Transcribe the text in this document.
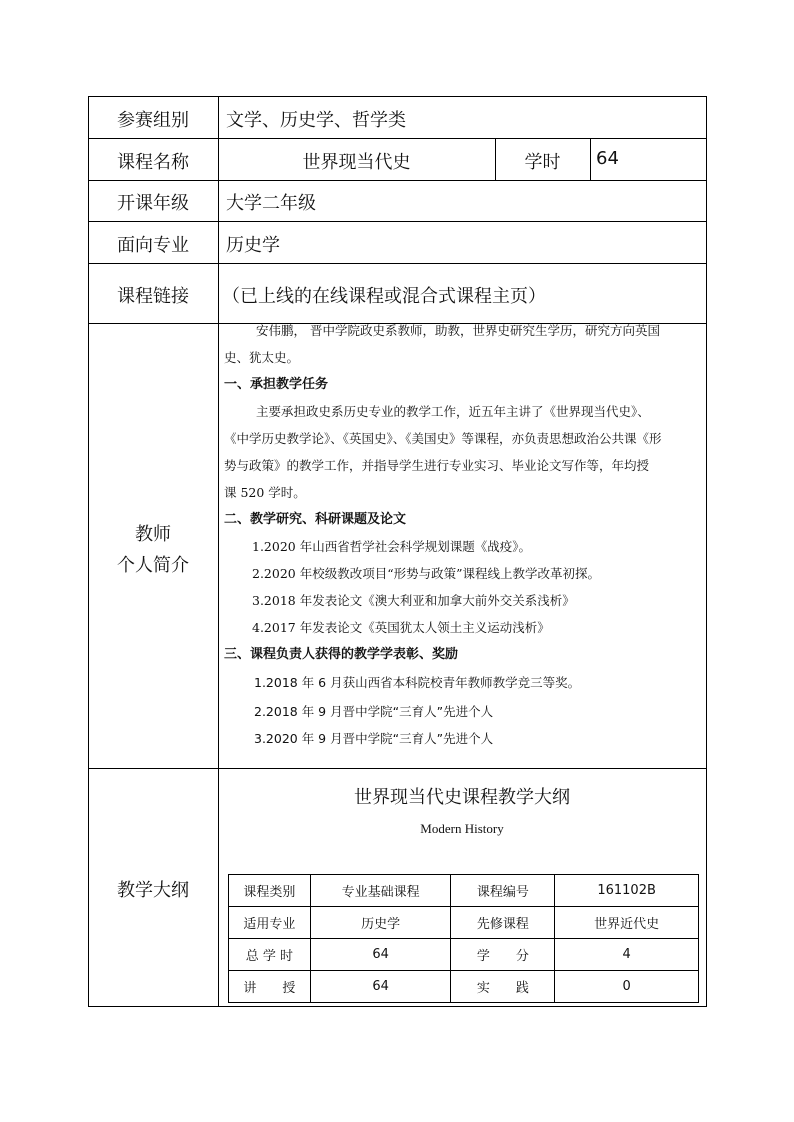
参赛组别	文学、历史学、哲学类
课程名称	世界现当代史	学时	64
开课年级	大学二年级
面向专业	历史学
课程链接	（已上线的在线课程或混合式课程主页）
教师
个人简介

安伟鹏， 晋中学院政史系教师，助教，世界史研究生学历，研究方向英国

史、犹太史。

一、承担教学任务

主要承担政史系历史专业的教学工作，近五年主讲了《世界现当代史》、

《中学历史教学论》、《英国史》、《美国史》等课程，亦负责思想政治公共课《形

势与政策》的教学工作，并指导学生进行专业实习、毕业论文写作等，年均授

课 520 学时。

二、教学研究、科研课题及论文

1.2020 年山西省哲学社会科学规划课题《战疫》。

2.2020 年校级教改项目“形势与政策”课程线上教学改革初探。

3.2018 年发表论文《澳大利亚和加拿大前外交关系浅析》

4.2017 年发表论文《英国犹太人领土主义运动浅析》

三、课程负责人获得的教学学表彰、奖励

1.2018 年 6 月获山西省本科院校青年教师教学竞三等奖。

2.2018 年 9 月晋中学院“三育人”先进个人

3.2020 年 9 月晋中学院“三育人”先进个人

教学大纲
世界现当代史课程教学大纲
Modern History
课程类别	专业基础课程	课程编号	161102B
适用专业	历史学	先修课程	世界近代史
总 学 时	64	学　　分	4
讲　　授	64	实　　践	0
